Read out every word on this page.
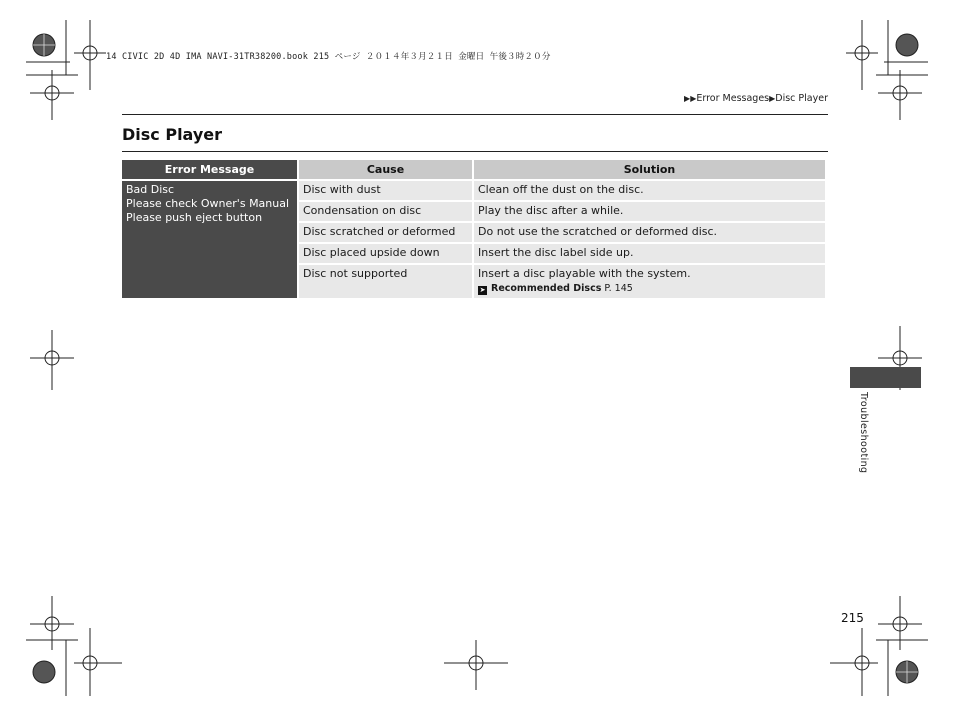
14 CIVIC 2D 4D IMA NAVI-31TR38200.book 215 ページ ２０１４年３月２１日 金曜日 午後３時２０分
▶▶Error Messages▶Disc Player
Disc Player
Error Message	Cause	Solution

Bad Disc
Please check Owner's Manual
Please push eject button	Disc with dust	Clean off the dust on the disc.
	Condensation on disc	Play the disc after a while.
	Disc scratched or deformed	Do not use the scratched or deformed disc.
	Disc placed upside down	Insert the disc label side up.
	Disc not supported	Insert a disc playable with the system.
➤ Recommended Discs P. 145
Troubleshooting
215
